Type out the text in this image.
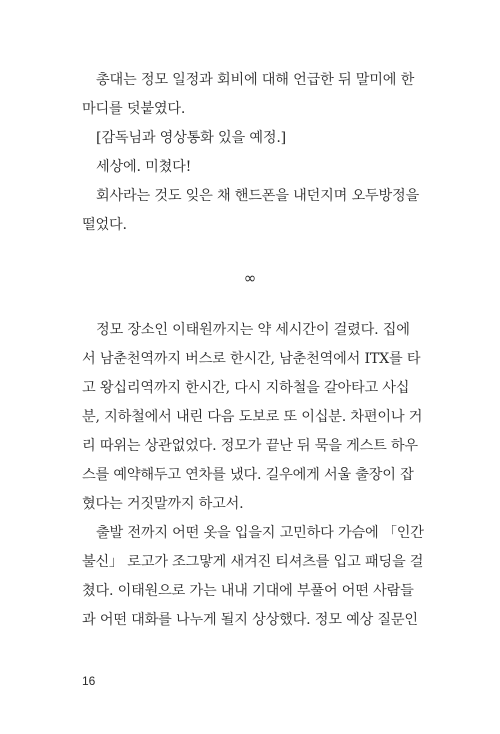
총대는 정모 일정과 회비에 대해 언급한 뒤 말미에 한
마디를 덧붙였다.

[감독님과 영상통화 있을 예정.]

세상에. 미쳤다!

회사라는 것도 잊은 채 핸드폰을 내던지며 오두방정을
떨었다.

∞

정모 장소인 이태원까지는 약 세시간이 걸렸다. 집에
서 남춘천역까지 버스로 한시간, 남춘천역에서 ITX를 타
고 왕십리역까지 한시간, 다시 지하철을 갈아타고 사십
분, 지하철에서 내린 다음 도보로 또 이십분. 차편이나 거
리 따위는 상관없었다. 정모가 끝난 뒤 묵을 게스트 하우
스를 예약해두고 연차를 냈다. 길우에게 서울 출장이 잡
혔다는 거짓말까지 하고서.

출발 전까지 어떤 옷을 입을지 고민하다 가슴에 「인간
불신」 로고가 조그맣게 새겨진 티셔츠를 입고 패딩을 걸
쳤다. 이태원으로 가는 내내 기대에 부풀어 어떤 사람들
과 어떤 대화를 나누게 될지 상상했다. 정모 예상 질문인

16
